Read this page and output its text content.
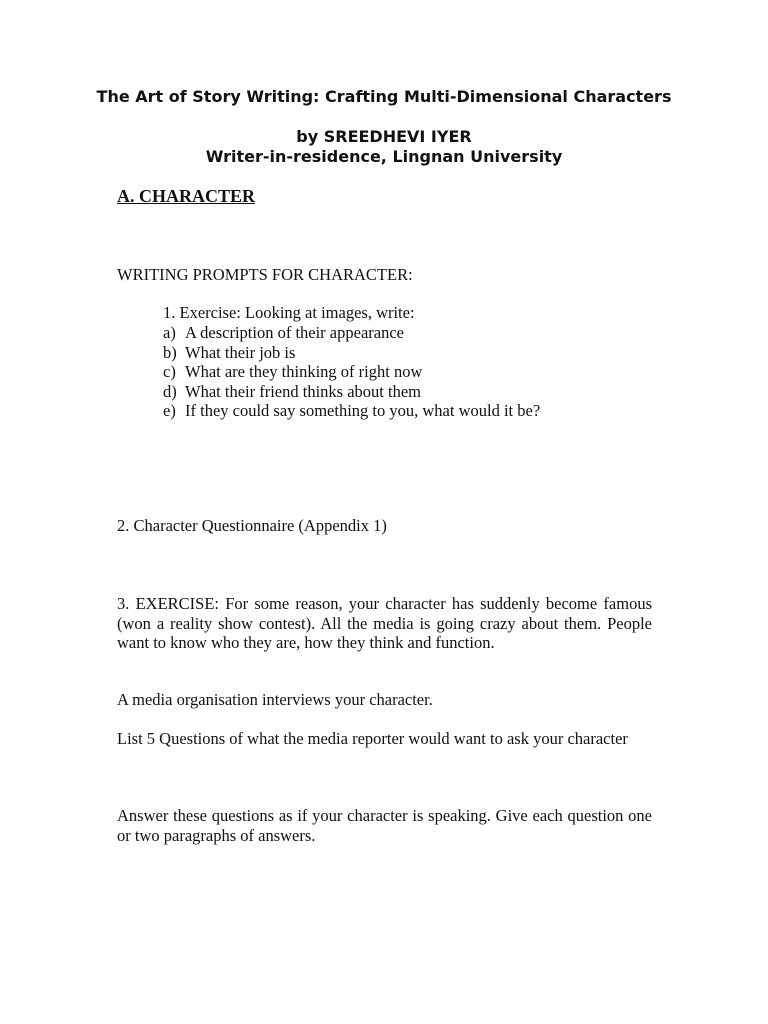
The Art of Story Writing: Crafting Multi-Dimensional Characters
by SREEDHEVI IYER
Writer-in-residence, Lingnan University
A. CHARACTER
WRITING PROMPTS FOR CHARACTER:
1. Exercise: Looking at images, write:
a) A description of their appearance
b) What their job is
c) What are they thinking of right now
d) What their friend thinks about them
e) If they could say something to you, what would it be?
2. Character Questionnaire (Appendix 1)
3. EXERCISE: For some reason, your character has suddenly become famous (won a reality show contest). All the media is going crazy about them. People want to know who they are, how they think and function.
A media organisation interviews your character.
List 5 Questions of what the media reporter would want to ask your character
Answer these questions as if your character is speaking. Give each question one or two paragraphs of answers.
